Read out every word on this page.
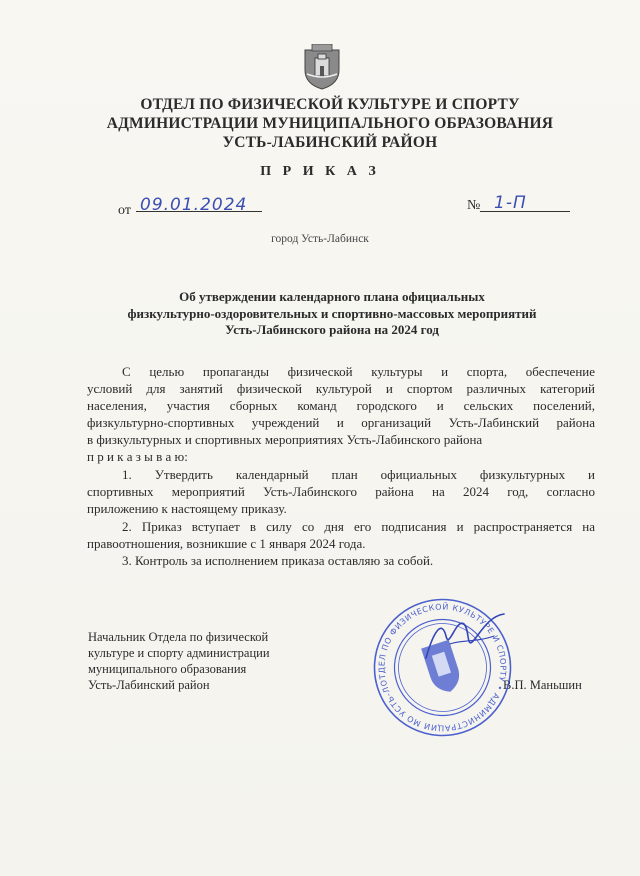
ОТДЕЛ ПО ФИЗИЧЕСКОЙ КУЛЬТУРЕ И СПОРТУ
АДМИНИСТРАЦИИ МУНИЦИПАЛЬНОГО ОБРАЗОВАНИЯ
УСТЬ-ЛАБИНСКИЙ РАЙОН
П Р И К А З
от 09.01.2024	№ 1-П
город Усть-Лабинск
Об утверждении календарного плана официальных
физкультурно-оздоровительных и спортивно-массовых мероприятий
Усть-Лабинского района на 2024 год
С целью пропаганды физической культуры и спорта, обеспечение
условий для занятий физической культурой и спортом различных категорий
населения, участия сборных команд городского и сельских поселений,
физкультурно-спортивных учреждений и организаций Усть-Лабинский района
в физкультурных и спортивных мероприятиях Усть-Лабинского района
п р и к а з ы в а ю:
1. Утвердить календарный план официальных физкультурных и
спортивных мероприятий Усть-Лабинского района на 2024 год, согласно
приложению к настоящему приказу.
2. Приказ вступает в силу со дня его подписания и распространяется на
правоотношения, возникшие с 1 января 2024 года.
3. Контроль за исполнением приказа оставляю за собой.
Начальник Отдела по физической
культуре и спорту администрации
муниципального образования
Усть-Лабинский район	В.П. Маньшин
ОТДЕЛ ПО ФИЗИЧЕСКОЙ КУЛЬТУРЕ И СПОРТУ • АДМИНИСТРАЦИИ МО УСТЬ-ЛАБИНСКИЙ
